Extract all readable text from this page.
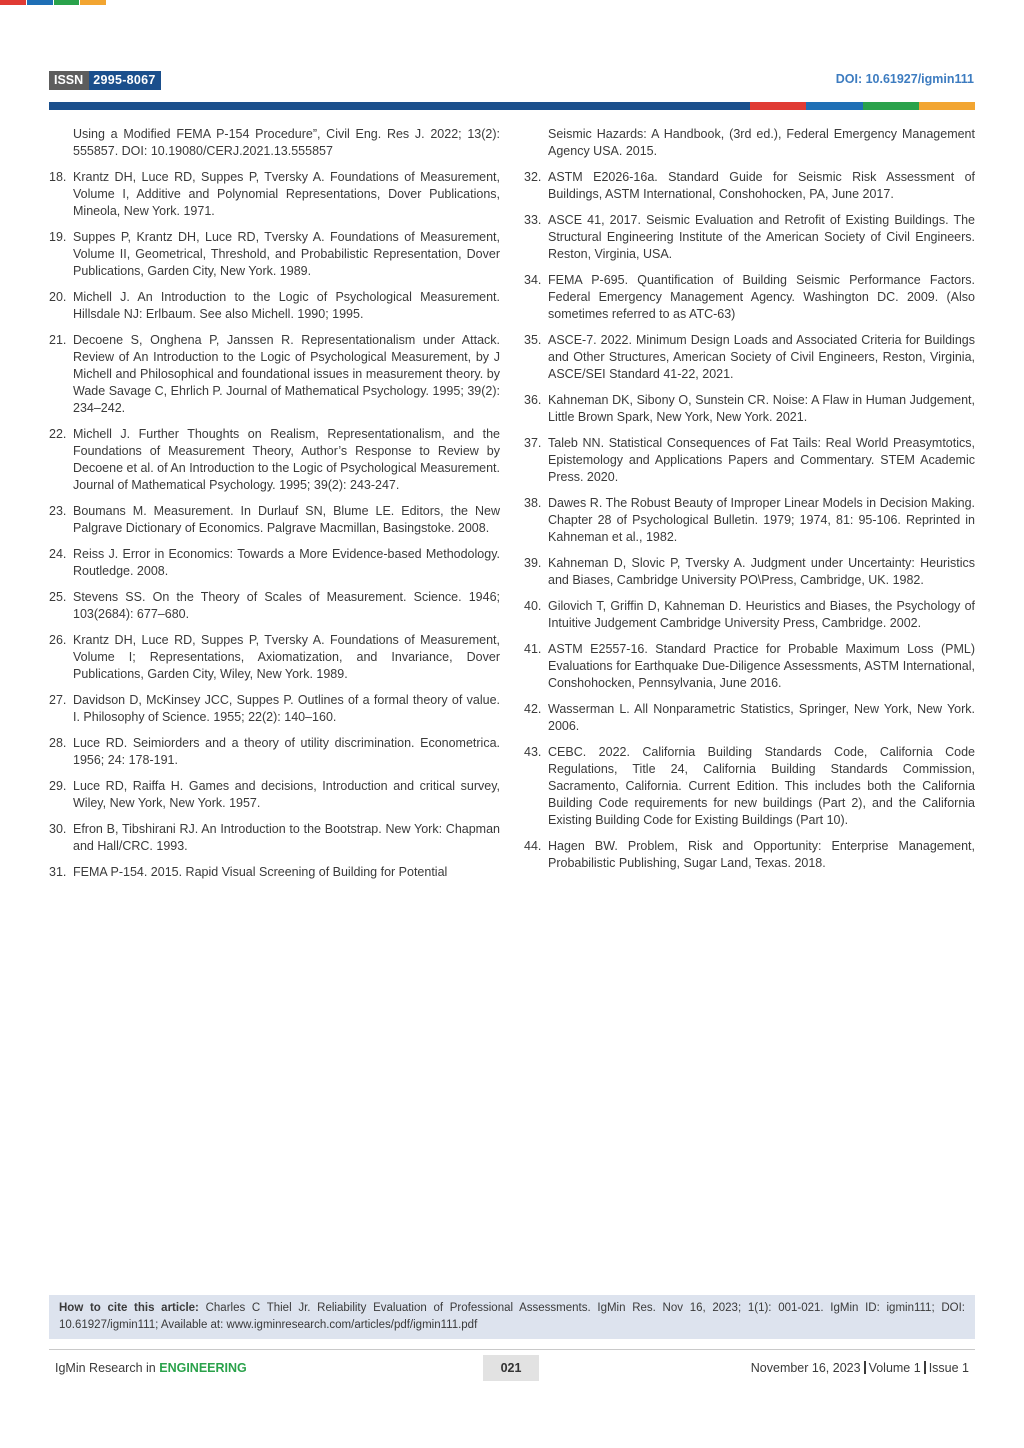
ISSN 2995-8067	DOI: 10.61927/igmin111
Using a Modified FEMA P-154 Procedure”, Civil Eng. Res J. 2022; 13(2): 555857. DOI: 10.19080/CERJ.2021.13.555857
18. Krantz DH, Luce RD, Suppes P, Tversky A. Foundations of Measurement, Volume I, Additive and Polynomial Representations, Dover Publications, Mineola, New York. 1971.
19. Suppes P, Krantz DH, Luce RD, Tversky A. Foundations of Measurement, Volume II, Geometrical, Threshold, and Probabilistic Representation, Dover Publications, Garden City, New York. 1989.
20. Michell J. An Introduction to the Logic of Psychological Measurement. Hillsdale NJ: Erlbaum. See also Michell. 1990; 1995.
21. Decoene S, Onghena P, Janssen R. Representationalism under Attack. Review of An Introduction to the Logic of Psychological Measurement, by J Michell and Philosophical and foundational issues in measurement theory. by Wade Savage C, Ehrlich P. Journal of Mathematical Psychology. 1995; 39(2): 234–242.
22. Michell J. Further Thoughts on Realism, Representationalism, and the Foundations of Measurement Theory, Author’s Response to Review by Decoene et al. of An Introduction to the Logic of Psychological Measurement. Journal of Mathematical Psychology. 1995; 39(2): 243-247.
23. Boumans M. Measurement. In Durlauf SN, Blume LE. Editors, the New Palgrave Dictionary of Economics. Palgrave Macmillan, Basingstoke. 2008.
24. Reiss J. Error in Economics: Towards a More Evidence-based Methodology. Routledge. 2008.
25. Stevens SS. On the Theory of Scales of Measurement. Science. 1946; 103(2684): 677–680.
26. Krantz DH, Luce RD, Suppes P, Tversky A. Foundations of Measurement, Volume I; Representations, Axiomatization, and Invariance, Dover Publications, Garden City, Wiley, New York. 1989.
27. Davidson D, McKinsey JCC, Suppes P. Outlines of a formal theory of value. I. Philosophy of Science. 1955; 22(2): 140–160.
28. Luce RD. Seimiorders and a theory of utility discrimination. Econometrica. 1956; 24: 178-191.
29. Luce RD, Raiffa H. Games and decisions, Introduction and critical survey, Wiley, New York, New York. 1957.
30. Efron B, Tibshirani RJ. An Introduction to the Bootstrap. New York: Chapman and Hall/CRC. 1993.
31. FEMA P-154. 2015. Rapid Visual Screening of Building for Potential
Seismic Hazards: A Handbook, (3rd ed.), Federal Emergency Management Agency USA. 2015.
32. ASTM E2026-16a. Standard Guide for Seismic Risk Assessment of Buildings, ASTM International, Conshohocken, PA, June 2017.
33. ASCE 41, 2017. Seismic Evaluation and Retrofit of Existing Buildings. The Structural Engineering Institute of the American Society of Civil Engineers. Reston, Virginia, USA.
34. FEMA P-695. Quantification of Building Seismic Performance Factors. Federal Emergency Management Agency. Washington DC. 2009. (Also sometimes referred to as ATC-63)
35. ASCE-7. 2022. Minimum Design Loads and Associated Criteria for Buildings and Other Structures, American Society of Civil Engineers, Reston, Virginia, ASCE/SEI Standard 41-22, 2021.
36. Kahneman DK, Sibony O, Sunstein CR. Noise: A Flaw in Human Judgement, Little Brown Spark, New York, New York. 2021.
37. Taleb NN. Statistical Consequences of Fat Tails: Real World Preasymtotics, Epistemology and Applications Papers and Commentary. STEM Academic Press. 2020.
38. Dawes R. The Robust Beauty of Improper Linear Models in Decision Making. Chapter 28 of Psychological Bulletin. 1979; 1974, 81: 95-106. Reprinted in Kahneman et al., 1982.
39. Kahneman D, Slovic P, Tversky A. Judgment under Uncertainty: Heuristics and Biases, Cambridge University PO\Press, Cambridge, UK. 1982.
40. Gilovich T, Griffin D, Kahneman D. Heuristics and Biases, the Psychology of Intuitive Judgement Cambridge University Press, Cambridge. 2002.
41. ASTM E2557-16. Standard Practice for Probable Maximum Loss (PML) Evaluations for Earthquake Due-Diligence Assessments, ASTM International, Conshohocken, Pennsylvania, June 2016.
42. Wasserman L. All Nonparametric Statistics, Springer, New York, New York. 2006.
43. CEBC. 2022. California Building Standards Code, California Code Regulations, Title 24, California Building Standards Commission, Sacramento, California. Current Edition. This includes both the California Building Code requirements for new buildings (Part 2), and the California Existing Building Code for Existing Buildings (Part 10).
44. Hagen BW. Problem, Risk and Opportunity: Enterprise Management, Probabilistic Publishing, Sugar Land, Texas. 2018.
How to cite this article: Charles C Thiel Jr. Reliability Evaluation of Professional Assessments. IgMin Res. Nov 16, 2023; 1(1): 001-021. IgMin ID: igmin111; DOI: 10.61927/igmin111; Available at: www.igminresearch.com/articles/pdf/igmin111.pdf
IgMin Research in ENGINEERING	021	November 16, 2023 Volume 1 Issue 1
